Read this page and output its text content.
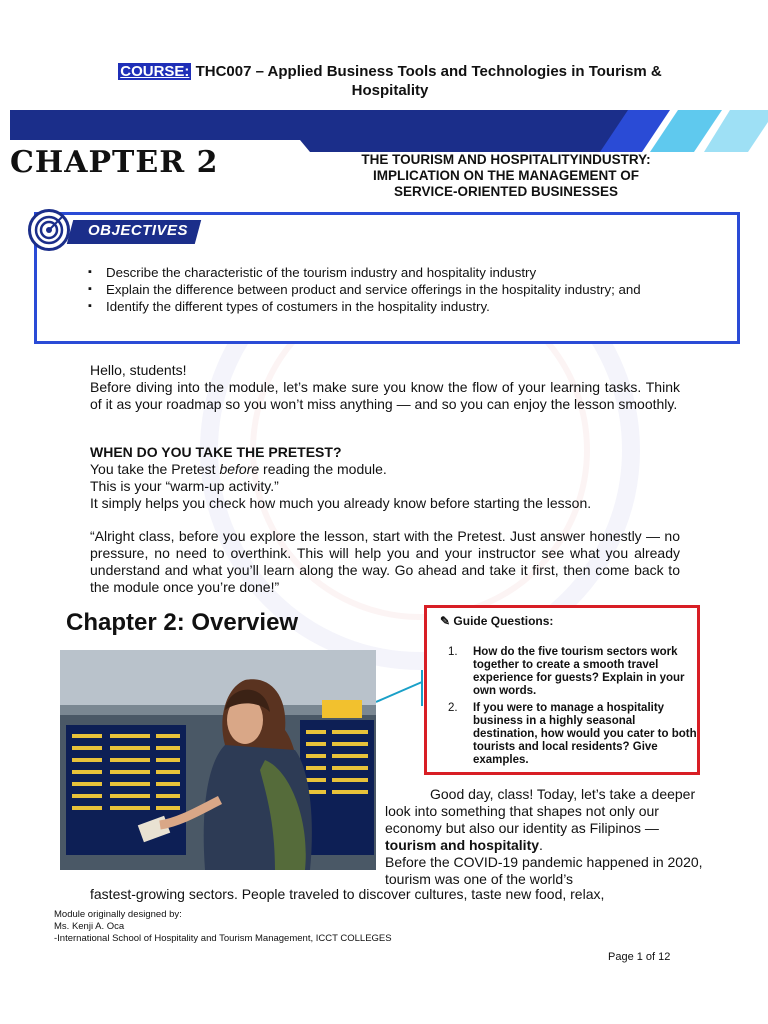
COURSE: THC007 – Applied Business Tools and Technologies in Tourism &
Hospitality
CHAPTER 2	THE TOURISM AND HOSPITALITYINDUSTRY:
IMPLICATION ON THE MANAGEMENT OF
SERVICE-ORIENTED BUSINESSES
OBJECTIVES
▪ Describe the characteristic of the tourism industry and hospitality industry
▪ Explain the difference between product and service offerings in the hospitality industry; and
▪ Identify the different types of costumers in the hospitality industry.
Hello, students!
Before diving into the module, let’s make sure you know the flow of your learning tasks. Think of it as your roadmap so you won’t miss anything — and so you can enjoy the lesson smoothly.
WHEN DO YOU TAKE THE PRETEST?
You take the Pretest before reading the module.
This is your “warm-up activity.”
It simply helps you check how much you already know before starting the lesson.
“Alright class, before you explore the lesson, start with the Pretest. Just answer honestly — no pressure, no need to overthink. This will help you and your instructor see what you already understand and what you’ll learn along the way. Go ahead and take it first, then come back to the module once you’re done!”
Chapter 2: Overview	✎ Guide Questions:
1. How do the five tourism sectors work together to create a smooth travel experience for guests? Explain in your own words.
2. If you were to manage a hospitality business in a highly seasonal destination, how would you cater to both tourists and local residents? Give examples.
Good day, class! Today, let’s take a deeper look into something that shapes not only our economy but also our identity as Filipinos — tourism and hospitality.
Before the COVID-19 pandemic happened in 2020, tourism was one of the world’s
fastest-growing sectors. People traveled to discover cultures, taste new food, relax,
Module originally designed by:
Ms. Kenji A. Oca
-International School of Hospitality and Tourism Management, ICCT COLLEGES
Page 1 of 12
